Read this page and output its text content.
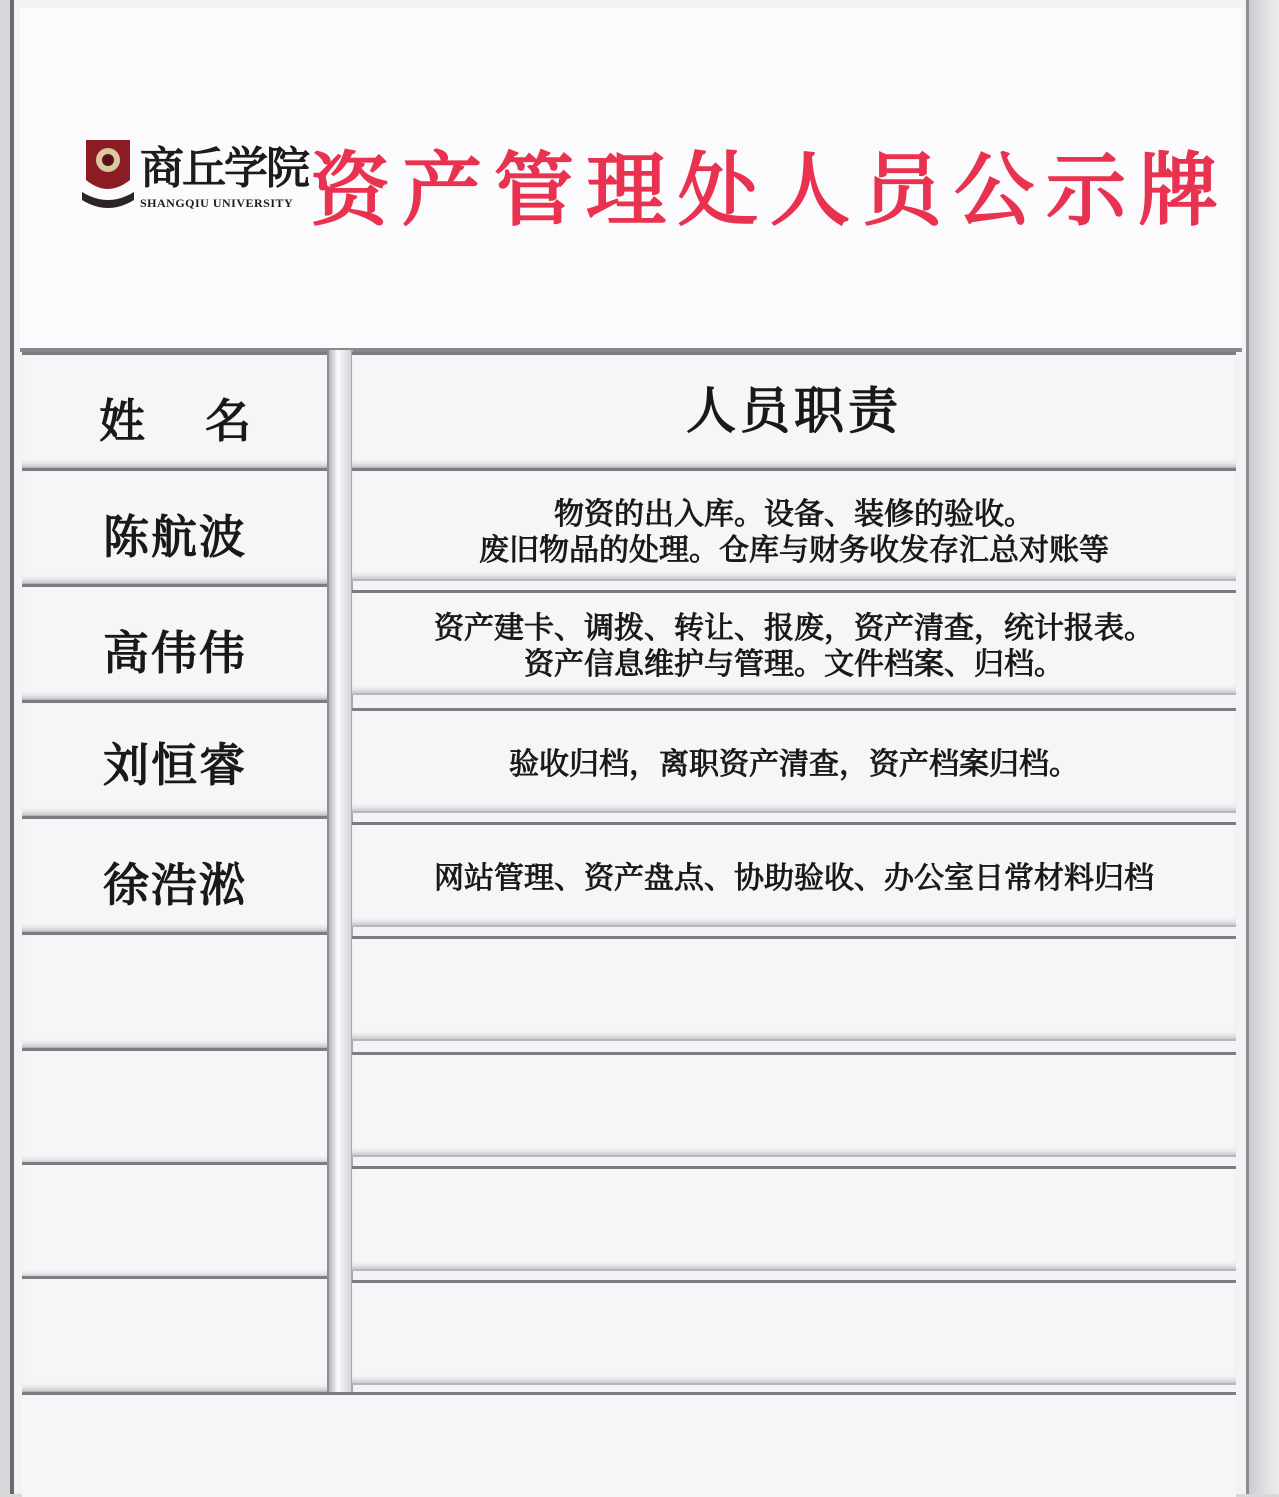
商丘学院
SHANGQIU UNIVERSITY 资产管理处人员公示牌
姓名
陈航波
高伟伟
刘恒睿
徐浩淞
人员职责
物资的出入库。设备、装修的验收。
废旧物品的处理。仓库与财务收发存汇总对账等
资产建卡、调拨、转让、报废，资产清查，统计报表。
资产信息维护与管理。文件档案、归档。
验收归档，离职资产清查，资产档案归档。
网站管理、资产盘点、协助验收、办公室日常材料归档
